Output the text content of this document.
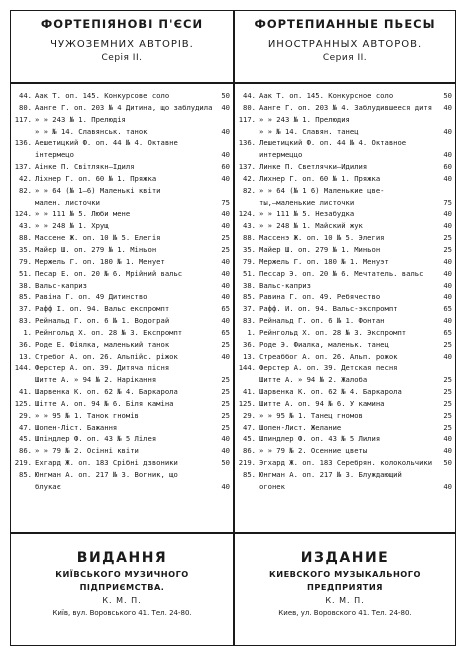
ФОРТЕПІЯНОВІ П'ЄСИ
ЧУЖОЗЕМНИХ АВТОРІВ.
Серія II.
ФОРТЕПИАННЫЕ ПЬЕСЫ
ИНОСТРАННЫХ АВТОРОВ.
Серия II.
44. Аак Т. оп. 145. Конкурсове соло	50
80. Аанге Г. оп. 203 № 4 Дитина, що заблудила	40
117. » » 243 № 1. Прелюдія
» » № 14. Славянськ. танок	40
136. Аешетицкий Ф. оп. 44 № 4. Октавне
інтермецо	40
137. Аінке П. Світлякн—Ідиля	60
42. Ліхнер Г. оп. 60 № 1. Пряжка	40
82. » » 64 (№ 1—6) Маленькі квіти
мален. листочки	75
124. » » 111 № 5. Люби мене	40
43. » » 248 № 1. Хрущ	40
88. Массене Ж. оп. 10 № 5. Елегія	25
35. Майєр Ш. оп. 279 № 1. Міньон	25
79. Мержель Г. оп. 180 № 1. Менует	40
51. Песар Е. оп. 20 № 6. Мрійний вальс	40
38. Вальс-каприз	40
85. Равіна Г. оп. 49 Дитинство	40
37. Рафф І. оп. 94. Вальс експромпт	65
83. Рейнальд Г. оп. 6 № 1. Водограй	40
1. Рейнгольд Х. оп. 28 № 3. Експромпт	65
36. Роде Е. Фіялка, маленький танок	25
13. Стребог А. оп. 26. Альпійс. ріжок	40
144. Ферстер А. оп. 39. Дитяча пісня
Шитте А. » 94 № 2. Нарікання	25
41. Шарвенка К. оп. 62 № 4. Баркарола	25
125. Шітте А. оп. 94 № 6. Біля каміна	25
29. » » 95 № 1. Танок гномів	25
47. Шопен-Ліст. Бажання	25
45. Шпіндлер Ф. оп. 43 № 5 Лілея	40
86. » » 79 № 2. Осінні квіти	40
219. Ехгард Ж. оп. 183 Срібні дзвоники	50
85. Юнгман А. оп. 217 № 3. Вогник, що
блукає	40
44. Аак Т. оп. 145. Конкурсное соло	50
80. Аанге Г. оп. 203 № 4. Заблудившееся дитя	40
117. » » 243 № 1. Прелюдия
» » № 14. Славян. танец	40
136. Лешетицкий Ф. оп. 44 № 4. Октавное
интермеццо	40
137. Линке П. Светлячки—Идилия	60
42. Лихнер Г. оп. 60 № 1. Пряжка	40
82. » » 64 (№ 1 6) Маленькие цве-
ты,—маленькие листочки	75
124. » » 111 № 5. Незабудка	40
43. » » 248 № 1. Майский жук	40
88. Массенэ Ж. оп. 10 № 5. Элегия	25
35. Майер Ш. оп. 279 № 1. Миньон	25
79. Мержель Г. оп. 180 № 1. Менуэт	40
51. Пессар Э. оп. 20 № 6. Мечтатель. вальс	40
38. Вальс-каприз	40
85. Равина Г. оп. 49. Ребячество	40
37. Рафф. И. оп. 94. Вальс-экспромпт	65
83. Рейнальд Г. оп. 6 № 1. Фонтан	40
1. Рейнгольд Х. оп. 28 № 3. Экспромпт	65
36. Роде Э. Фиалка, маленьк. танец	25
13. Стреаббог А. оп. 26. Альп. рожок	40
144. Ферстер А. оп. 39. Детская песня
Шитте А. » 94 № 2. Жалоба	25
41. Шарвенка К. оп. 62 № 4. Баркарола	25
125. Шитте А. оп. 94 № 6. У камина	25
29. » » 95 № 1. Танец гномов	25
47. Шопен-Лист. Желание	25
45. Шпиндлер Ф. оп. 43 № 5 Лилия	40
86. » » 79 № 2. Осенние цветы	40
219. Эгхард Ж. оп. 183 Серебрян. колокольчики	50
85. Юнгман А. оп. 217 № 3. Блуждающий
огонек	40
ВИДАННЯ
КИЇВСЬКОГО МУЗИЧНОГО ПІДПРИЄМСТВА.
К. М. П.
Київ, вул. Воровського 41. Тел. 24-80.
ИЗДАНИЕ
КИЕВСКОГО МУЗЫКАЛЬНОГО ПРЕДПРИЯТИЯ
К. М. П.
Киев, ул. Воровского 41. Тел. 24-80.
